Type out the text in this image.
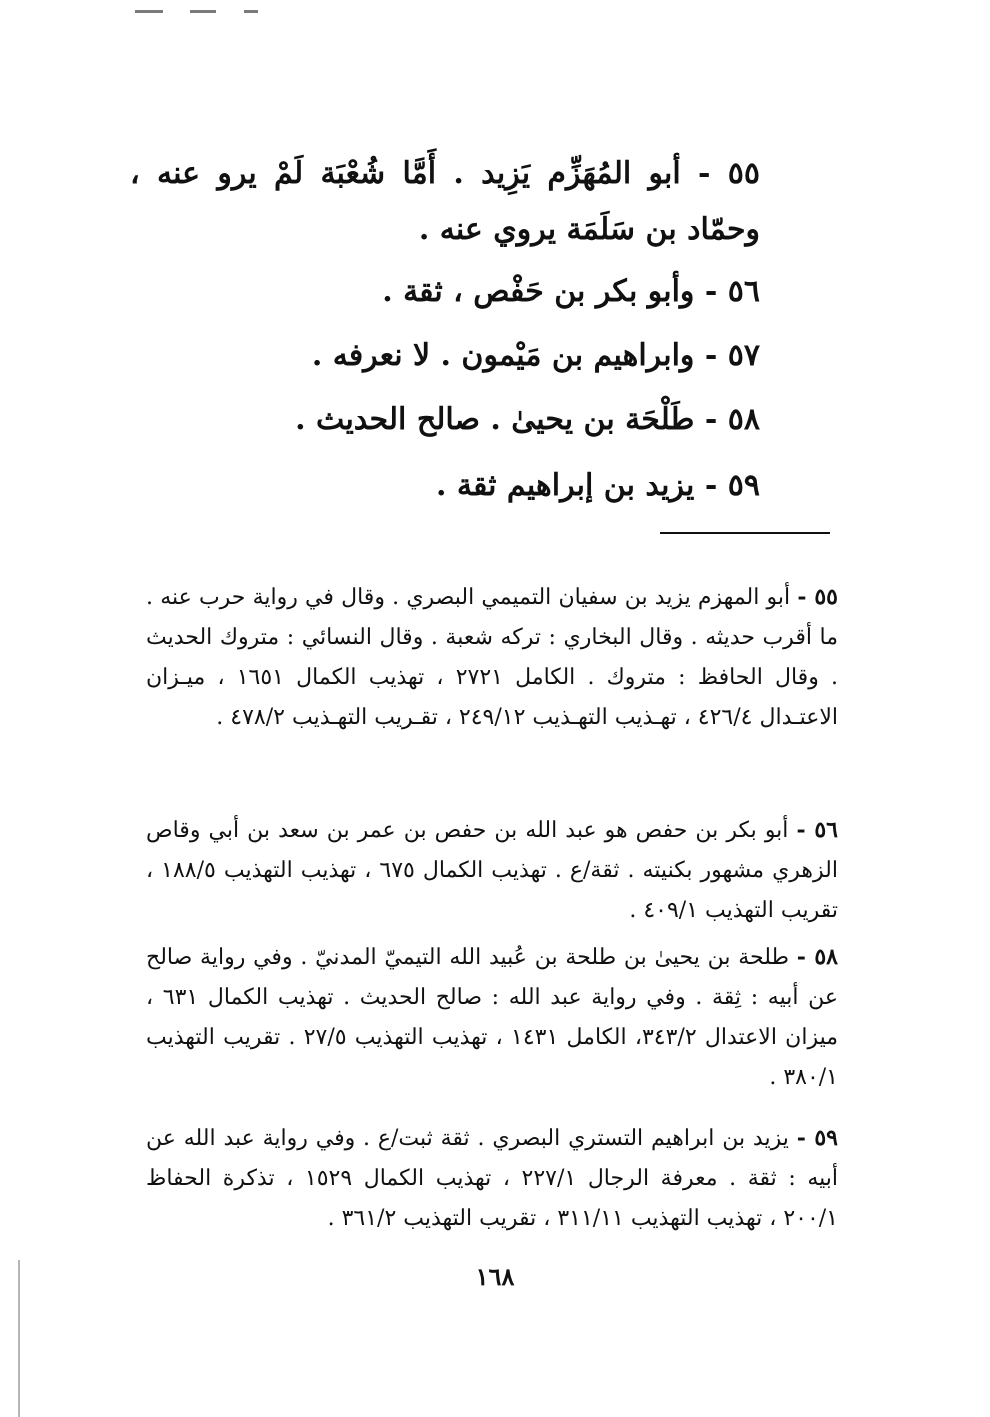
٥٥ - أبو المُهَزِّم يَزِيد . أَمَّا شُعْبَة لَمْ يرو عنه ، وحمّاد بن سَلَمَة يروي عنه .
٥٦ - وأبو بكر بن حَفْص ، ثقة .
٥٧ - وابراهيم بن مَيْمون . لا نعرفه .
٥٨ - طَلْحَة بن يحيىٰ . صالح الحديث .
٥٩ - يزيد بن إبراهيم ثقة .

٥٥ - أبو المهزم يزيد بن سفيان التميمي البصري . وقال في رواية حرب عنه . ما أقرب حديثه . وقال البخاري : تركه شعبة . وقال النسائي : متروك الحديث . وقال الحافظ : متروك . الكامل ٢٧٢١ ، تهذيب الكمال ١٦٥١ ، ميـزان الاعتـدال ٤٢٦/٤ ، تهـذيب التهـذيب ٢٤٩/١٢ ، تقـريب التهـذيب ٤٧٨/٢ .

٥٦ - أبو بكر بن حفص هو عبد الله بن حفص بن عمر بن سعد بن أبي وقاص الزهري مشهور بكنيته . ثقة/ع . تهذيب الكمال ٦٧٥ ، تهذيب التهذيب ١٨٨/٥ ، تقريب التهذيب ٤٠٩/١ .

٥٨ - طلحة بن يحيىٰ بن طلحة بن عُبيد الله التيميّ المدنيّ . وفي رواية صالح عن أبيه : ثِقة . وفي رواية عبد الله : صالح الحديث . تهذيب الكمال ٦٣١ ، ميزان الاعتدال ٣٤٣/٢، الكامل ١٤٣١ ، تهذيب التهذيب ٢٧/٥ . تقريب التهذيب ٣٨٠/١ .

٥٩ - يزيد بن ابراهيم التستري البصري . ثقة ثبت/ع . وفي رواية عبد الله عن أبيه : ثقة . معرفة الرجال ٢٢٧/١ ، تهذيب الكمال ١٥٢٩ ، تذكرة الحفاظ ٢٠٠/١ ، تهذيب التهذيب ٣١١/١١ ، تقريب التهذيب ٣٦١/٢ .

١٦٨
